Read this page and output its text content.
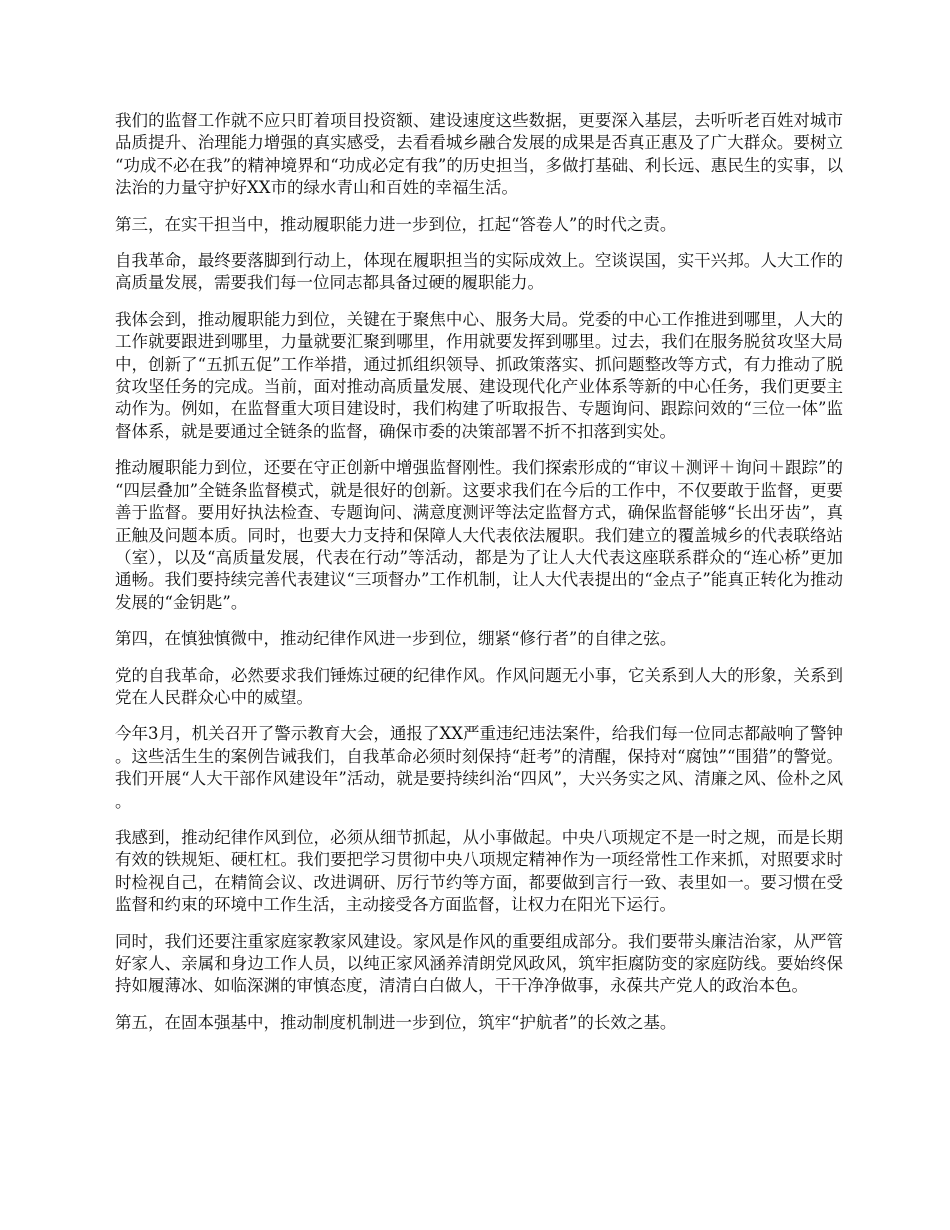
我们的监督工作就不应只盯着项目投资额、建设速度这些数据，更要深入基层，去听听老百姓对城市品质提升、治理能力增强的真实感受，去看看城乡融合发展的成果是否真正惠及了广大群众。要树立“功成不必在我”的精神境界和“功成必定有我”的历史担当，多做打基础、利长远、惠民生的实事，以法治的力量守护好XX市的绿水青山和百姓的幸福生活。

第三，在实干担当中，推动履职能力进一步到位，扛起“答卷人”的时代之责。

自我革命，最终要落脚到行动上，体现在履职担当的实际成效上。空谈误国，实干兴邦。人大工作的高质量发展，需要我们每一位同志都具备过硬的履职能力。

我体会到，推动履职能力到位，关键在于聚焦中心、服务大局。党委的中心工作推进到哪里，人大的工作就要跟进到哪里，力量就要汇聚到哪里，作用就要发挥到哪里。过去，我们在服务脱贫攻坚大局中，创新了“五抓五促”工作举措，通过抓组织领导、抓政策落实、抓问题整改等方式，有力推动了脱贫攻坚任务的完成。当前，面对推动高质量发展、建设现代化产业体系等新的中心任务，我们更要主动作为。例如，在监督重大项目建设时，我们构建了听取报告、专题询问、跟踪问效的“三位一体”监督体系，就是要通过全链条的监督，确保市委的决策部署不折不扣落到实处。

推动履职能力到位，还要在守正创新中增强监督刚性。我们探索形成的“审议＋测评＋询问＋跟踪”的“四层叠加”全链条监督模式，就是很好的创新。这要求我们在今后的工作中，不仅要敢于监督，更要善于监督。要用好执法检查、专题询问、满意度测评等法定监督方式，确保监督能够“长出牙齿”，真正触及问题本质。同时，也要大力支持和保障人大代表依法履职。我们建立的覆盖城乡的代表联络站（室），以及“高质量发展，代表在行动”等活动，都是为了让人大代表这座联系群众的“连心桥”更加通畅。我们要持续完善代表建议“三项督办”工作机制，让人大代表提出的“金点子”能真正转化为推动发展的“金钥匙”。

第四，在慎独慎微中，推动纪律作风进一步到位，绷紧“修行者”的自律之弦。

党的自我革命，必然要求我们锤炼过硬的纪律作风。作风问题无小事，它关系到人大的形象，关系到党在人民群众心中的威望。

今年3月，机关召开了警示教育大会，通报了XX严重违纪违法案件，给我们每一位同志都敲响了警钟。这些活生生的案例告诫我们，自我革命必须时刻保持“赶考”的清醒，保持对“腐蚀”“围猎”的警觉。我们开展“人大干部作风建设年”活动，就是要持续纠治“四风”，大兴务实之风、清廉之风、俭朴之风。

我感到，推动纪律作风到位，必须从细节抓起，从小事做起。中央八项规定不是一时之规，而是长期有效的铁规矩、硬杠杠。我们要把学习贯彻中央八项规定精神作为一项经常性工作来抓，对照要求时时检视自己，在精简会议、改进调研、厉行节约等方面，都要做到言行一致、表里如一。要习惯在受监督和约束的环境中工作生活，主动接受各方面监督，让权力在阳光下运行。

同时，我们还要注重家庭家教家风建设。家风是作风的重要组成部分。我们要带头廉洁治家，从严管好家人、亲属和身边工作人员，以纯正家风涵养清朗党风政风，筑牢拒腐防变的家庭防线。要始终保持如履薄冰、如临深渊的审慎态度，清清白白做人，干干净净做事，永葆共产党人的政治本色。

第五，在固本强基中，推动制度机制进一步到位，筑牢“护航者”的长效之基。
